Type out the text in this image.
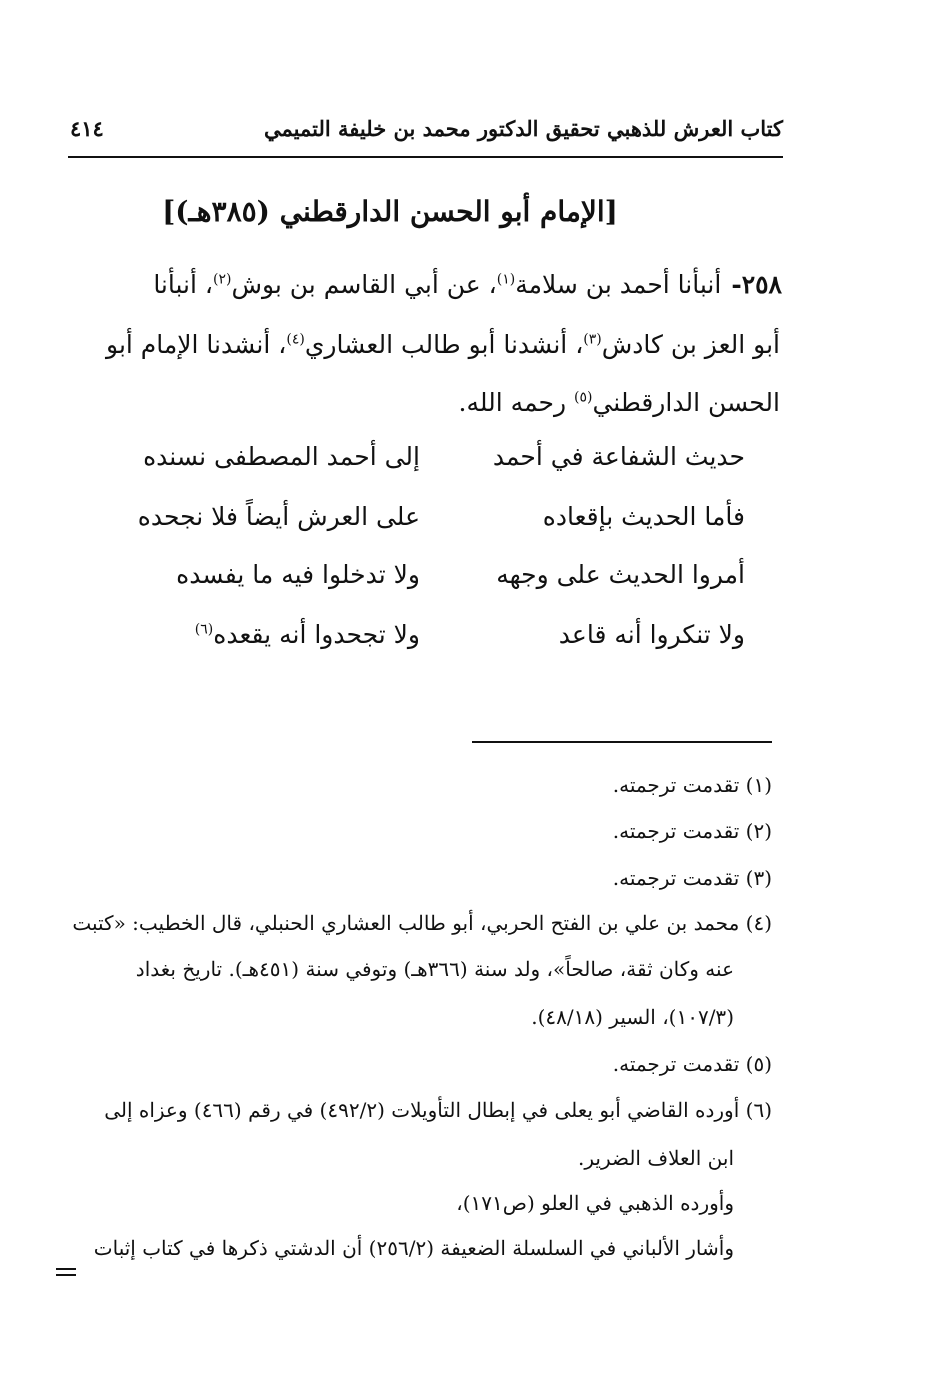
كتاب العرش للذهبي تحقيق الدكتور محمد بن خليفة التميمي
٤١٤
[الإمام أبو الحسن الدارقطني (٣٨٥هـ)]
٢٥٨-أنبأنا أحمد بن سلامة$^{(١)}$، عن أبي القاسم بن بوش$^{(٢)}$، أنبأنا
أبو العز بن كادش$^{(٣)}$، أنشدنا أبو طالب العشاري$^{(٤)}$، أنشدنا الإمام أبو
الحسن الدارقطني$^{(٥)}$ رحمه الله.
حديث الشفاعة في أحمد
إلى أحمد المصطفى نسنده
فأما الحديث بإقعاده
على العرش أيضاً فلا نجحده
أمروا الحديث على وجهه
ولا تدخلوا فيه ما يفسده
ولا تنكروا أنه قاعد
ولا تجحدوا أنه يقعده$^{(٦)}$
(١) تقدمت ترجمته.
(٢) تقدمت ترجمته.
(٣) تقدمت ترجمته.
(٤) محمد بن علي بن الفتح الحربي، أبو طالب العشاري الحنبلي، قال الخطيب: «كتبت
عنه وكان ثقة، صالحاً»، ولد سنة (٣٦٦هـ) وتوفي سنة (٤٥١هـ). تاريخ بغداد
(١٠٧/٣)، السير (٤٨/١٨).
(٥) تقدمت ترجمته.
(٦) أورده القاضي أبو يعلى في إبطال التأويلات (٤٩٢/٢) في رقم (٤٦٦) وعزاه إلى
ابن العلاف الضرير.
وأورده الذهبي في العلو (ص١٧١)،
وأشار الألباني في السلسلة الضعيفة (٢٥٦/٢) أن الدشتي ذكرها في كتاب إثبات
